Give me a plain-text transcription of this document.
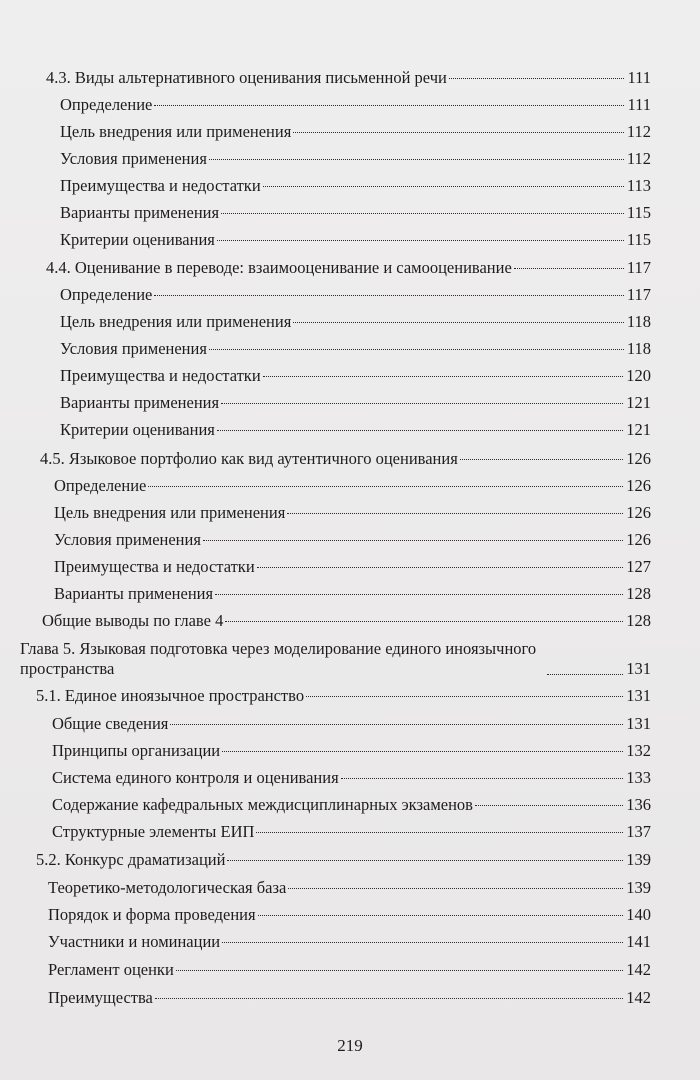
4.3. Виды альтернативного оценивания письменной речи	111
Определение	111
Цель внедрения или применения	112
Условия применения	112
Преимущества и недостатки	113
Варианты применения	115
Критерии оценивания	115
4.4. Оценивание в переводе: взаимооценивание и самооценивание	117
Определение	117
Цель внедрения или применения	118
Условия применения	118
Преимущества и недостатки	120
Варианты применения	121
Критерии оценивания	121
4.5. Языковое портфолио как вид аутентичного оценивания	126
Определение	126
Цель внедрения или применения	126
Условия применения	126
Преимущества и недостатки	127
Варианты применения	128
Общие выводы по главе 4	128
Глава 5. Языковая подготовка через моделирование единого иноязычного пространства	131
5.1. Единое иноязычное пространство	131
Общие сведения	131
Принципы организации	132
Система единого контроля и оценивания	133
Содержание кафедральных междисциплинарных экзаменов	136
Структурные элементы ЕИП	137
5.2. Конкурс драматизаций	139
Теоретико-методологическая база	139
Порядок и форма проведения	140
Участники и номинации	141
Регламент оценки	142
Преимущества	142
219
